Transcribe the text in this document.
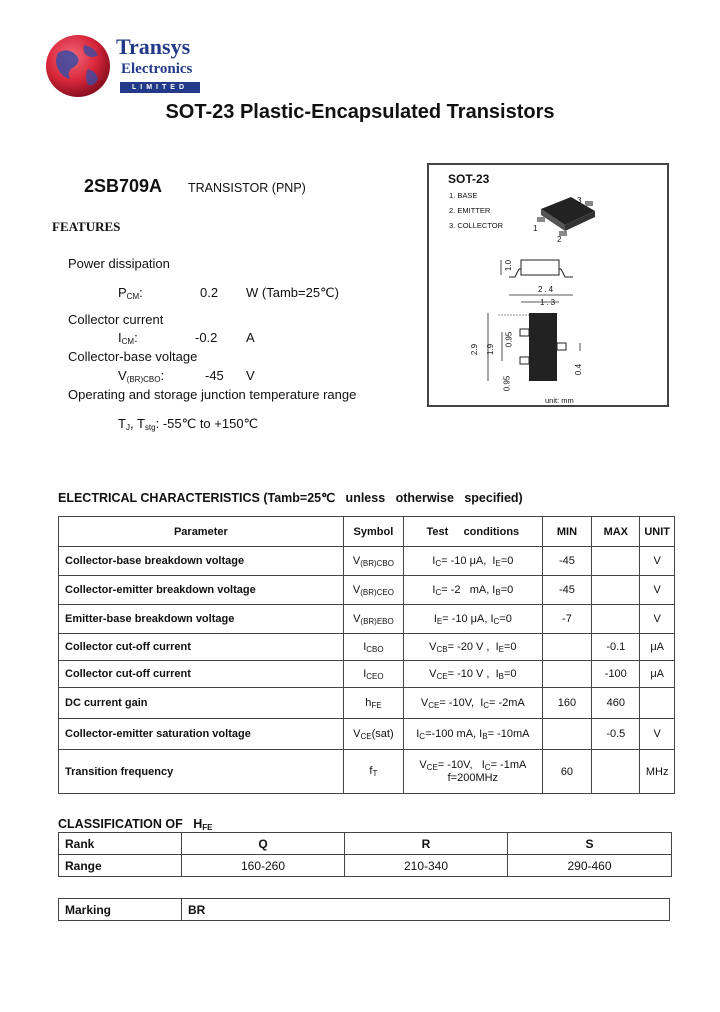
Transys
Electronics
LIMITED
SOT-23 Plastic-Encapsulated Transistors
2SB709A TRANSISTOR (PNP)
SOT-23
1. BASE
2. EMITTER
3. COLLECTOR	1
2
3
1.0
2.4
1.3
2.9 1.9
0.95
0.95
0.4
unit: mm
FEATURES
Power dissipation
$P_{CM}$:	0.2 W (Tamb=25℃)
Collector current
$I_{CM}$:	-0.2 A
Collector-base voltage
$V_{(BR)CBO}$:	-45 V
Operating and storage junction temperature range
$T_J$, $T_{stg}$: -55℃ to +150℃
ELECTRICAL CHARACTERISTICS (Tamb=25℃   unless   otherwise   specified)
Parameter	Symbol	Test     conditions	MIN	MAX	UNIT
Collector-base breakdown voltage	$V_{(BR)CBO}$	$I_C= -10$ μA,  $I_E=0$	-45		V
Collector-emitter breakdown voltage	$V_{(BR)CEO}$	$I_C= -2$   mA, $I_B=0$	-45		V
Emitter-base breakdown voltage	$V_{(BR)EBO}$	$I_E= -10$ μA, $I_C=0$	-7		V
Collector cut-off current	$I_{CBO}$	$V_{CB}= -20$ V ,  $I_E=0$		-0.1	μA
Collector cut-off current	$I_{CEO}$	$V_{CE}= -10$ V ,  $I_B=0$		-100	μA
DC current gain	$h_{FE}$	$V_{CE}= -10V$,  $I_C= -2mA$	160	460	
Collector-emitter saturation voltage	$V_{CE}(sat)$	$I_C=-100$ mA, $I_B= -10mA$		-0.5	V
Transition frequency	$f_T$	$V_{CE}= -10V$,   $I_C= -1mA$
f=200MHz	60		MHz
CLASSIFICATION OF $H_{FE}$
Rank	Q	R	S
Range	160-260	210-340	290-460
Marking	BR
